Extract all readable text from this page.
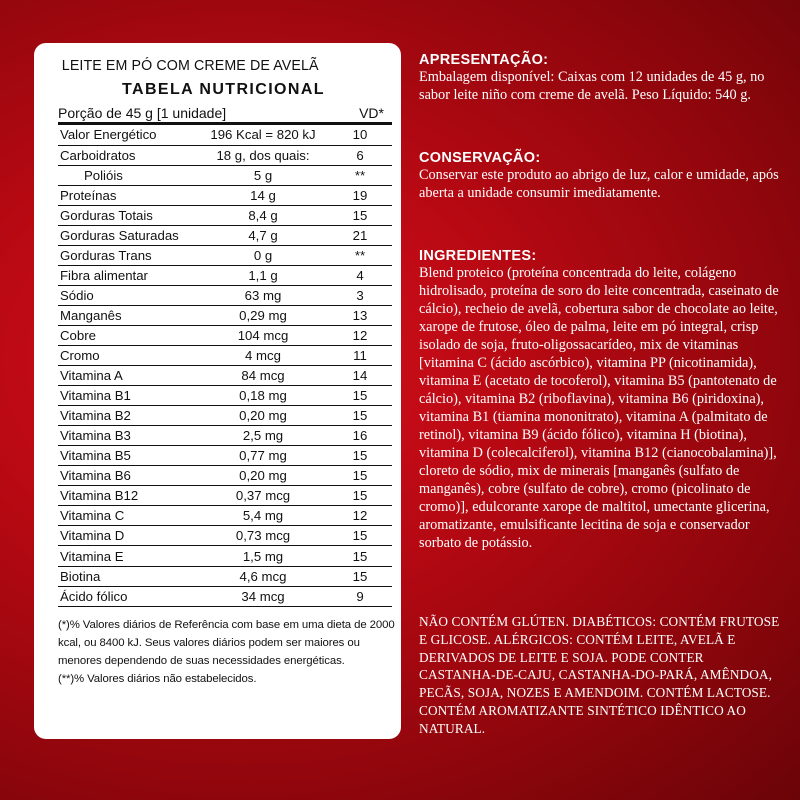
LEITE EM PÓ COM CREME DE AVELÃ
TABELA NUTRICIONAL
Porção de 45 g [1 unidade]	VD*
Valor Energético	196 Kcal = 820 kJ	10
Carboidratos	18 g, dos quais:	6
Polióis	5 g	**
Proteínas	14 g	19
Gorduras Totais	8,4 g	15
Gorduras Saturadas	4,7 g	21
Gorduras Trans	0 g	**
Fibra alimentar	1,1 g	4
Sódio	63 mg	3
Manganês	0,29 mg	13
Cobre	104 mcg	12
Cromo	4 mcg	11
Vitamina A	84 mcg	14
Vitamina B1	0,18 mg	15
Vitamina B2	0,20 mg	15
Vitamina B3	2,5 mg	16
Vitamina B5	0,77 mg	15
Vitamina B6	0,20 mg	15
Vitamina B12	0,37 mcg	15
Vitamina C	5,4 mg	12
Vitamina D	0,73 mcg	15
Vitamina E	1,5 mg	15
Biotina	4,6 mcg	15
Ácido fólico	34 mcg	9

(*)% Valores diários de Referência com base em uma dieta de 2000 kcal, ou 8400 kJ. Seus valores diários podem ser maiores ou menores dependendo de suas necessidades energéticas.

(**)% Valores diários não estabelecidos.

APRESENTAÇÃO:
Embalagem disponível: Caixas com 12 unidades de 45 g, no sabor leite niño com creme de avelã. Peso Líquido: 540 g.
CONSERVAÇÃO:
Conservar este produto ao abrigo de luz, calor e umidade, após aberta a unidade consumir imediatamente.
INGREDIENTES:
Blend proteico (proteína concentrada do leite, colágeno hidrolisado, proteína de soro do leite concentrada, caseinato de cálcio), recheio de avelã, cobertura sabor de chocolate ao leite, xarope de frutose, óleo de palma, leite em pó integral, crisp isolado de soja, fruto-oligossacarídeo, mix de vitaminas [vitamina C (ácido ascórbico), vitamina PP (nicotinamida), vitamina E (acetato de tocoferol), vitamina B5 (pantotenato de cálcio), vitamina B2 (riboflavina), vitamina B6 (piridoxina), vitamina B1 (tiamina mononitrato), vitamina A (palmitato de retinol), vitamina B9 (ácido fólico), vitamina H (biotina), vitamina D (colecalciferol), vitamina B12 (cianocobalamina)], cloreto de sódio, mix de minerais [manganês (sulfato de manganês), cobre (sulfato de cobre), cromo (picolinato de cromo)], edulcorante xarope de maltitol, umectante glicerina, aromatizante, emulsificante lecitina de soja e conservador sorbato de potássio.
NÃO CONTÉM GLÚTEN. DIABÉTICOS: CONTÉM FRUTOSE E GLICOSE. ALÉRGICOS: CONTÉM LEITE, AVELÃ E DERIVADOS DE LEITE E SOJA. PODE CONTER CASTANHA-DE-CAJU, CASTANHA-DO-PARÁ, AMÊNDOA, PECÃS, SOJA, NOZES E AMENDOIM. CONTÉM LACTOSE. CONTÉM AROMATIZANTE SINTÉTICO IDÊNTICO AO NATURAL.
